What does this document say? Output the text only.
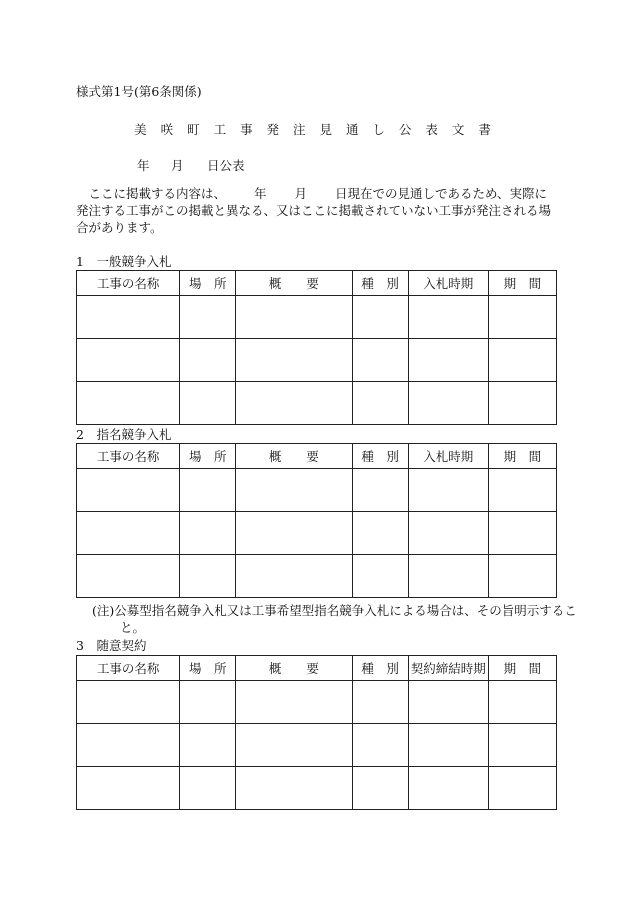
様式第1号(第6条関係)
美 咲 町 工 事 発 注 見 通 し 公 表 文 書
年 月 日公表
ここに掲載する内容は、 年 月 日現在での見通しであるため、実際に発注する工事がこの掲載と異なる、又はここに掲載されていない工事が発注される場合があります。
1　一般競争入札
工事の名称	場　所	概　　要	種　別	入札時期	期　間

2　指名競争入札
工事の名称	場　所	概　　要	種　別	入札時期	期　間

(注)公募型指名競争入札又は工事希望型指名競争入札による場合は、その旨明示すること。
3　随意契約
工事の名称	場　所	概　　要	種　別	契約締結時期	期　間
